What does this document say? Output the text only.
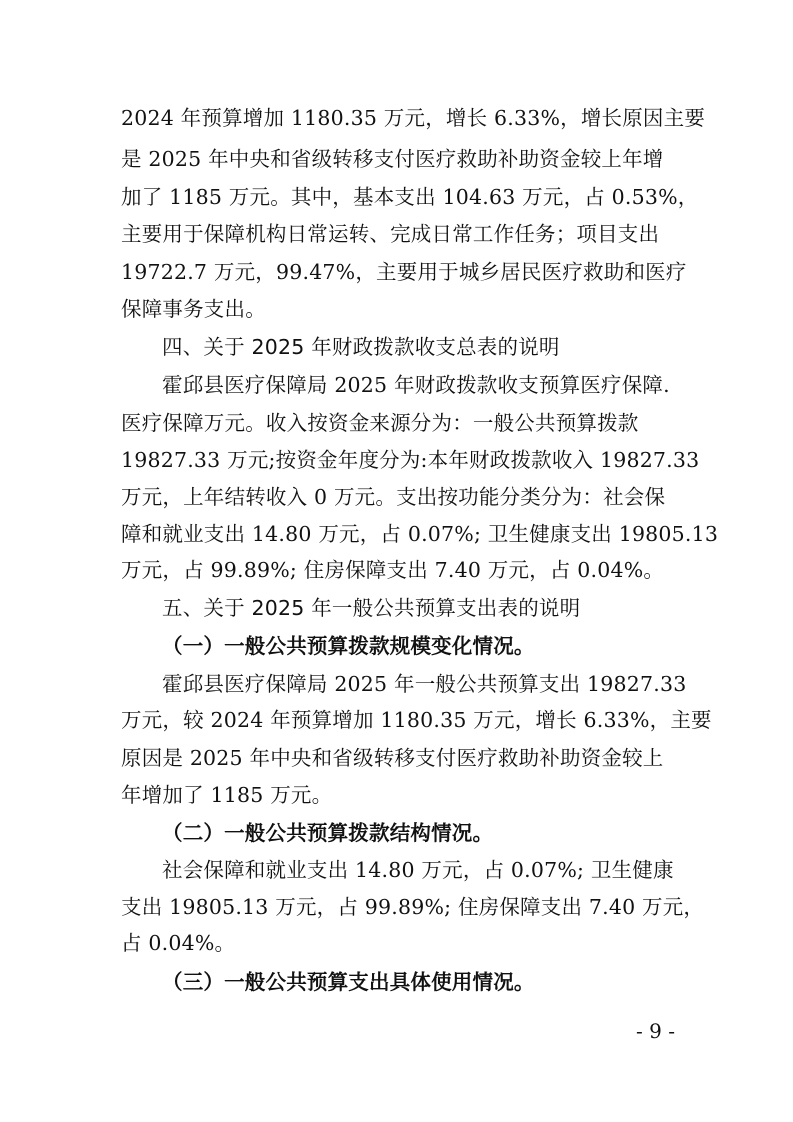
2024 年预算增加 1180.35 万元，增长 6.33%，增长原因主要
是 2025 年中央和省级转移支付医疗救助补助资金较上年增
加了 1185 万元。其中，基本支出 104.63 万元，占 0.53%，
主要用于保障机构日常运转、完成日常工作任务；项目支出
19722.7 万元，99.47%，主要用于城乡居民医疗救助和医疗
保障事务支出。
四、关于 2025 年财政拨款收支总表的说明
霍邱县医疗保障局 2025 年财政拨款收支预算医疗保障.
医疗保障万元。收入按资金来源分为：一般公共预算拨款
19827.33 万元;按资金年度分为:本年财政拨款收入 19827.33
万元，上年结转收入 0 万元。支出按功能分类分为：社会保
障和就业支出 14.80 万元，占 0.07%; 卫生健康支出 19805.13
万元，占 99.89%; 住房保障支出 7.40 万元，占 0.04%。
五、关于 2025 年一般公共预算支出表的说明
（一）一般公共预算拨款规模变化情况。
霍邱县医疗保障局 2025 年一般公共预算支出 19827.33
万元，较 2024 年预算增加 1180.35 万元，增长 6.33%，主要
原因是 2025 年中央和省级转移支付医疗救助补助资金较上
年增加了 1185 万元。
（二）一般公共预算拨款结构情况。
社会保障和就业支出 14.80 万元，占 0.07%; 卫生健康
支出 19805.13 万元，占 99.89%; 住房保障支出 7.40 万元，
占 0.04%。
（三）一般公共预算支出具体使用情况。
- 9 -
